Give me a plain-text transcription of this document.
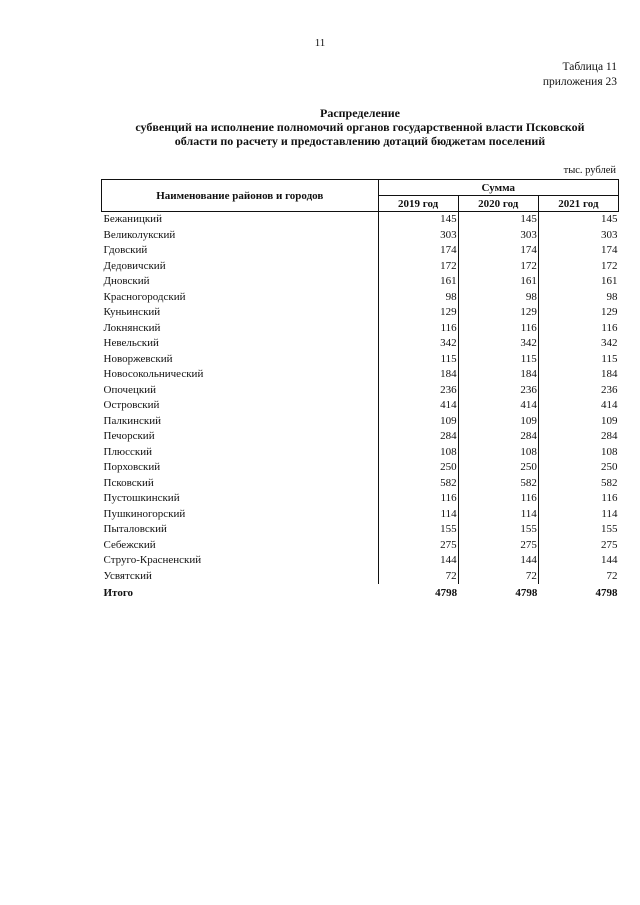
11
Таблица 11
приложения 23
Распределение
субвенций на исполнение полномочий органов государственной власти Псковской
области по расчету и предоставлению дотаций бюджетам поселений
тыс. рублей
Наименование районов и городов	Сумма		
	2019 год	2020 год	2021 год
Бежаницкий	145	145	145
Великолукский	303	303	303
Гдовский	174	174	174
Дедовичский	172	172	172
Дновский	161	161	161
Красногородский	98	98	98
Куньинский	129	129	129
Локнянский	116	116	116
Невельский	342	342	342
Новоржевский	115	115	115
Новосокольнический	184	184	184
Опочецкий	236	236	236
Островский	414	414	414
Палкинский	109	109	109
Печорский	284	284	284
Плюсский	108	108	108
Порховский	250	250	250
Псковский	582	582	582
Пустошкинский	116	116	116
Пушкиногорский	114	114	114
Пыталовский	155	155	155
Себежский	275	275	275
Струго-Красненский	144	144	144
Усвятский	72	72	72
Итого	4798	4798	4798
